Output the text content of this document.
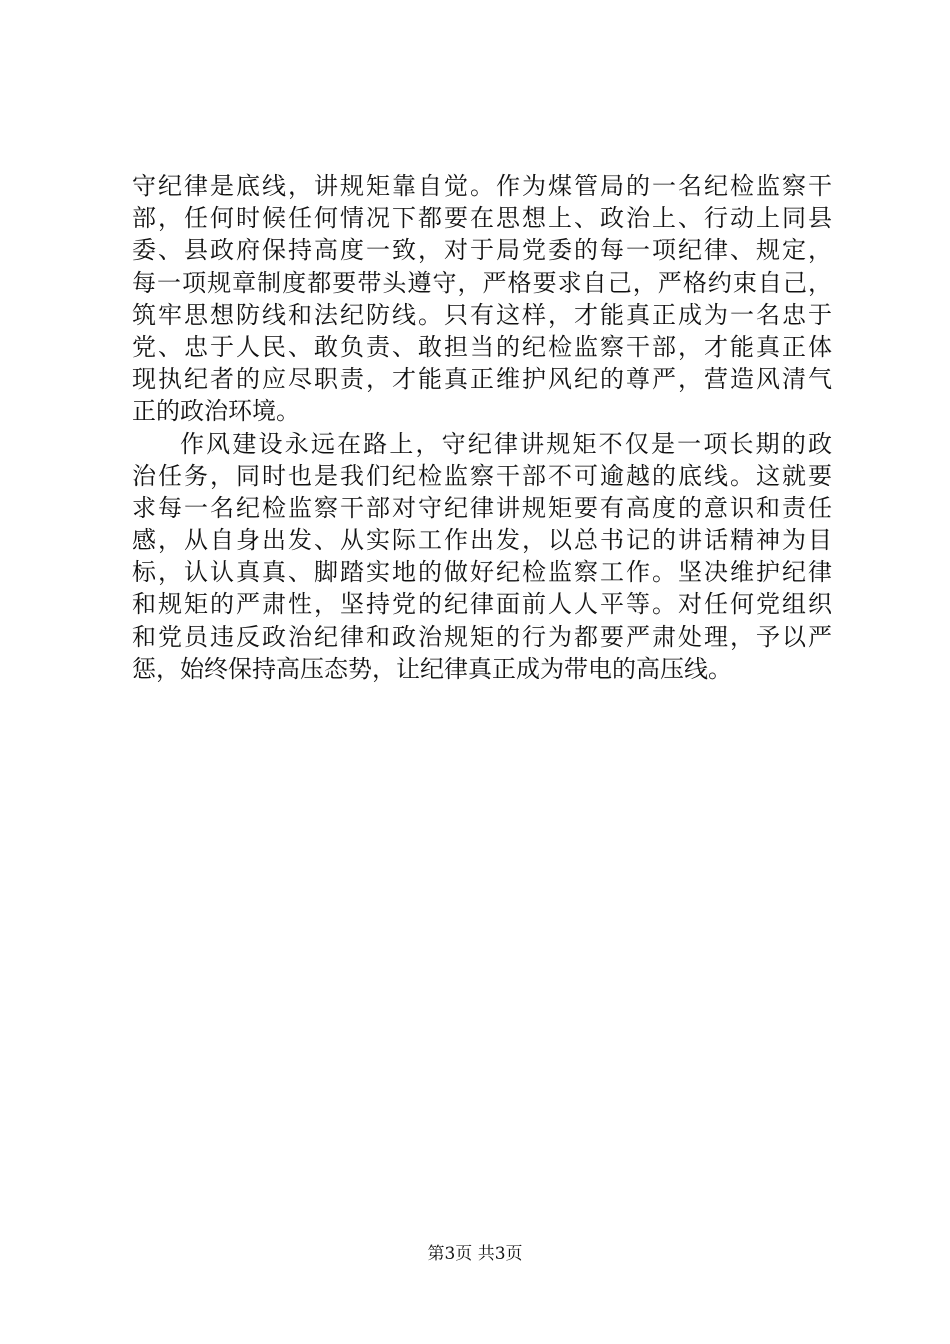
守纪律是底线，讲规矩靠自觉。作为煤管局的一名纪检监察干
部，任何时候任何情况下都要在思想上、政治上、行动上同县
委、县政府保持高度一致，对于局党委的每一项纪律、规定，
每一项规章制度都要带头遵守，严格要求自己，严格约束自己，
筑牢思想防线和法纪防线。只有这样，才能真正成为一名忠于
党、忠于人民、敢负责、敢担当的纪检监察干部，才能真正体
现执纪者的应尽职责，才能真正维护风纪的尊严，营造风清气
正的政治环境。
作风建设永远在路上，守纪律讲规矩不仅是一项长期的政
治任务，同时也是我们纪检监察干部不可逾越的底线。这就要
求每一名纪检监察干部对守纪律讲规矩要有高度的意识和责任
感，从自身出发、从实际工作出发，以总书记的讲话精神为目
标，认认真真、脚踏实地的做好纪检监察工作。坚决维护纪律
和规矩的严肃性，坚持党的纪律面前人人平等。对任何党组织
和党员违反政治纪律和政治规矩的行为都要严肃处理，予以严
惩，始终保持高压态势，让纪律真正成为带电的高压线。
第3页 共3页
